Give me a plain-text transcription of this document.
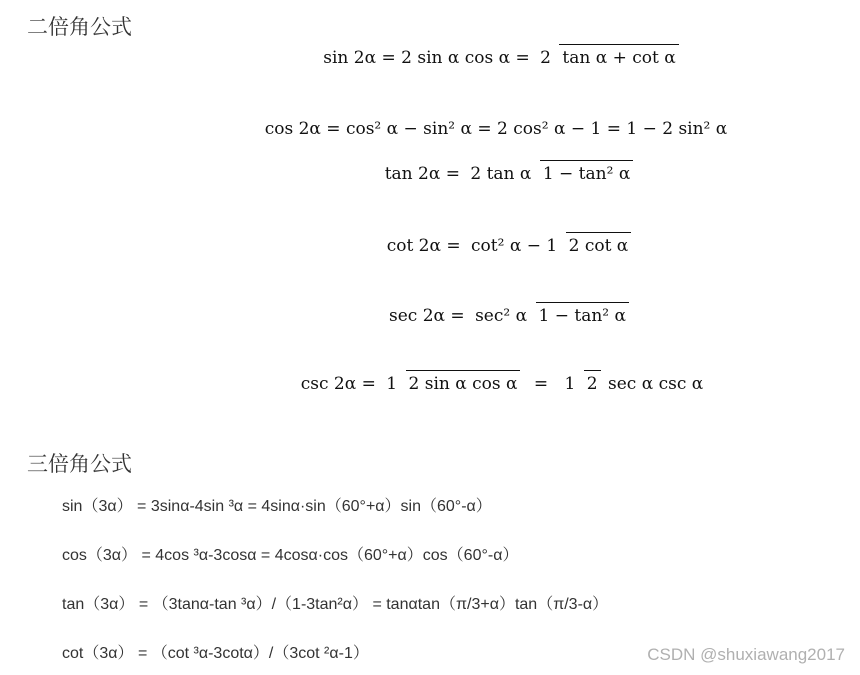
二倍角公式
sin 2α = 2 sin α cos α = 2 tan α + cot α
cos 2α = cos² α − sin² α = 2 cos² α − 1 = 1 − 2 sin² α
tan 2α = 2 tan α 1 − tan² α
cot 2α = cot² α − 1 2 cot α
sec 2α = sec² α 1 − tan² α
csc 2α = 1 2 sin α cos α = 1 2 sec α csc α
三倍角公式
sin（3α） = 3sinα-4sin ³α = 4sinα·sin（60°+α）sin（60°-α）
cos（3α） = 4cos ³α-3cosα = 4cosα·cos（60°+α）cos（60°-α）
tan（3α） = （3tanα-tan ³α）/（1-3tan²α） = tanαtan（π/3+α）tan（π/3-α）
cot（3α） = （cot ³α-3cotα）/（3cot ²α-1）	CSDN @shuxiawang2017
